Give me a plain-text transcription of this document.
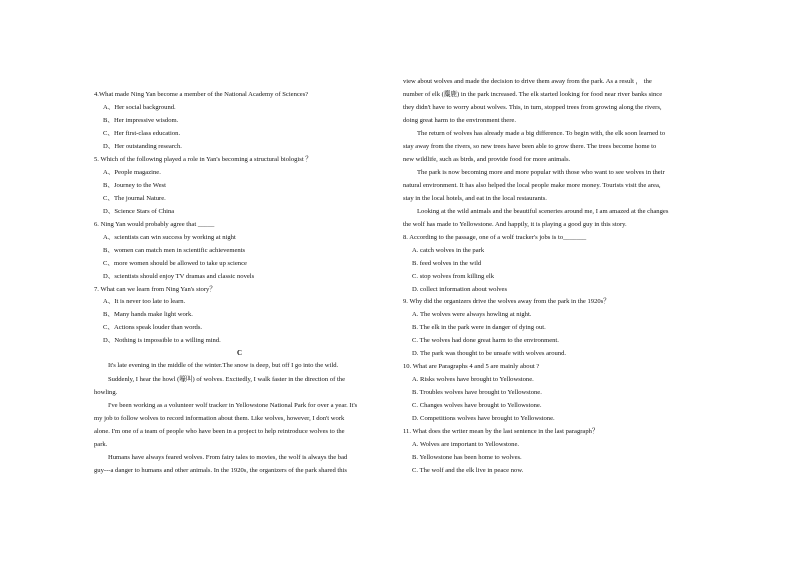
4.What made Ning Yan become a member of the National Academy of Sciences?
A、Her social background.
B、Her impressive wisdom.
C、Her first-class education.
D、Her outstanding research.
5. Which of the following played a role in Yan's becoming a structural biologist ？
A、People magazine.
B、Journey to the West
C、The journal Nature.
D、Science Stars of China
6. Ning Yan would probably agree that _____
A、scientists can win success by working at night
B、women can match men in scientific achievements
C、more women should be allowed to take up science
D、scientists should enjoy TV dramas and classic novels
7. What can we learn from Ning Yan's story？
A、It is never too late to learn.
B、Many hands make light work.
C、Actions speak louder than words.
D、Nothing is impossible to a willing mind.
C
It's late evening in the middle of the winter.The snow is deep, but off I go into the wild.
Suddenly, I hear the howl (嚎叫) of wolves. Excitedly, I walk faster in the direction of the
howling.
I've been working as a volunteer wolf tracker in Yellowstone National Park for over a year. It's
my job to follow wolves to record information about them. Like wolves, however, I don't work
alone. I'm one of a team of people who have been in a project to help reintroduce wolves to the
park.
Humans have always feared wolves. From fairy tales to movies, the wolf is always the bad
guy---a danger to humans and other animals. In the 1920s, the organizers of the park shared this
view about wolves and made the decision to drive them away from the park. As a result ， the
number of elk (麋鹿) in the park increased. The elk started looking for food near river banks since
they didn't have to worry about wolves. This, in turn, stopped trees from growing along the rivers,
doing great harm to the environment there.
The return of wolves has already made a big difference. To begin with, the elk soon learned to
stay away from the rivers, so new trees have been able to grow there. The trees become home to
new wildlife, such as birds, and provide food for more animals.
The park is now becoming more and more popular with those who want to see wolves in their
natural environment. It has also helped the local people make more money. Tourists visit the area,
stay in the local hotels, and eat in the local restaurants.
Looking at the wild animals and the beautiful sceneries around me, I am amazed at the changes
the wolf has made to Yellowstone. And happily, it is playing a good guy in this story.
8. According to the passage, one of a wolf tracker's jobs is to_______
A. catch wolves in the park
B. feed wolves in the wild
C. stop wolves from killing elk
D. collect information about wolves
9. Why did the organizers drive the wolves away from the park in the 1920s？
A. The wolves were always howling at night.
B. The elk in the park were in danger of dying out.
C. The wolves had done great harm to the environment.
D. The park was thought to be unsafe with wolves around.
10. What are Paragraphs 4 and 5 are mainly about ?
A. Risks wolves have brought to Yellowstone.
B. Troubles wolves have brought to Yellowstone.
C. Changes wolves have brought to Yellowstone.
D. Competitions wolves have brought to Yellowstone.
11. What does the writer mean by the last sentence in the last paragraph？
A. Wolves are important to Yellowstone.
B. Yellowstone has been home to wolves.
C. The wolf and the elk live in peace now.
